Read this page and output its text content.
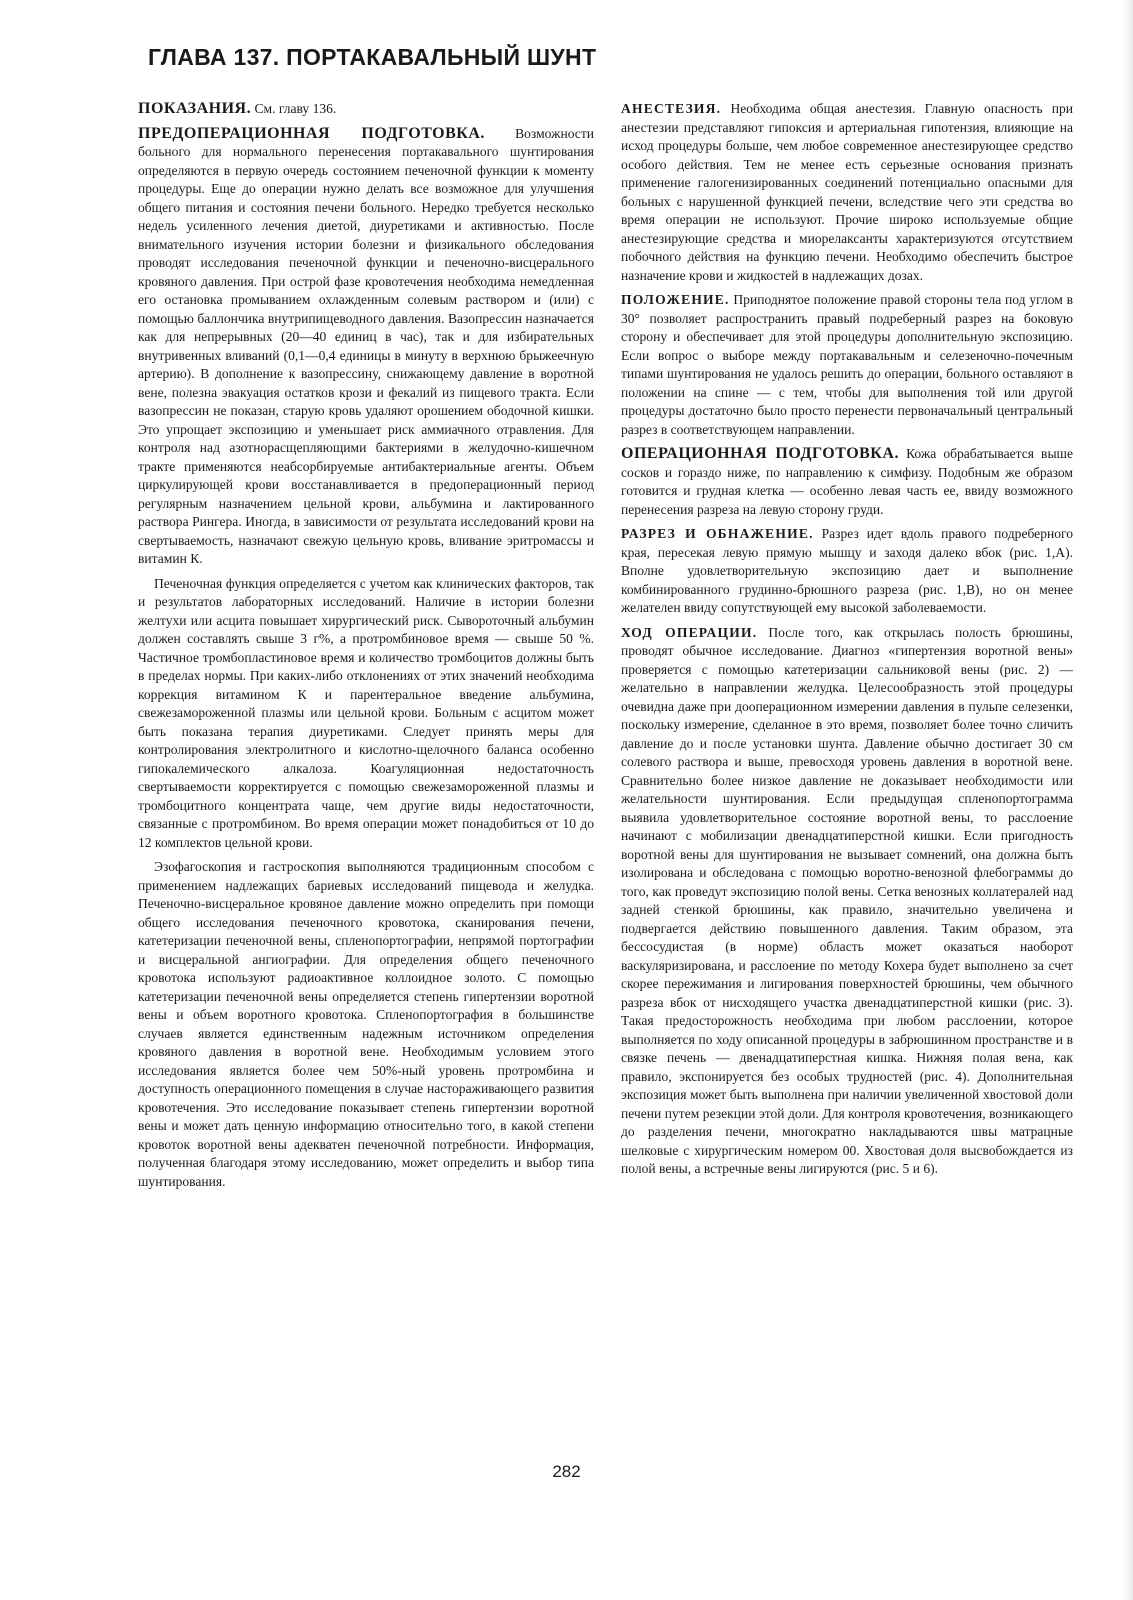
ГЛАВА 137. ПОРТАКАВАЛЬНЫЙ ШУНТ

ПОКАЗАНИЯ. См. главу 136.

ПРЕДОПЕРАЦИОННАЯ ПОДГОТОВКА. Возможности больного для нормального перенесения портакавального шунтирования определяются в первую очередь состоянием печеночной функции к моменту процедуры. Еще до операции нужно делать все возможное для улучшения общего питания и состояния печени больного. Нередко требуется несколько недель усиленного лечения диетой, диуретиками и активностью. После внимательного изучения истории болезни и физикального обследования проводят исследования печеночной функции и печеночно-висцерального кровяного давления. При острой фазе кровотечения необходима немедленная его остановка промыванием охлажденным солевым раствором и (или) с помощью баллончика внутрипищеводного давления. Вазопрессин назначается как для непрерывных (20—40 единиц в час), так и для избирательных внутривенных вливаний (0,1—0,4 единицы в минуту в верхнюю брыжеечную артерию). В дополнение к вазопрессину, снижающему давление в воротной вене, полезна эвакуация остатков крози и фекалий из пищевого тракта. Если вазопрессин не показан, старую кровь удаляют орошением ободочной кишки. Это упрощает экспозицию и уменьшает риск аммиачного отравления. Для контроля над азотнорасщепляющими бактериями в желудочно-кишечном тракте применяются неабсорбируемые антибактериальные агенты. Объем циркулирующей крови восстанавливается в предоперационный период регулярным назначением цельной крови, альбумина и лактированного раствора Рингера. Иногда, в зависимости от результата исследований крови на свертываемость, назначают свежую цельную кровь, вливание эритромассы и витамин К.

Печеночная функция определяется с учетом как клинических факторов, так и результатов лабораторных исследований. Наличие в истории болезни желтухи или асцита повышает хирургический риск. Сывороточный альбумин должен составлять свыше 3 г%, а протромбиновое время — свыше 50 %. Частичное тромбопластиновое время и количество тромбоцитов должны быть в пределах нормы. При каких-либо отклонениях от этих значений необходима коррекция витамином К и парентеральное введение альбумина, свежезамороженной плазмы или цельной крови. Больным с асцитом может быть показана терапия диуретиками. Следует принять меры для контролирования электролитного и кислотно-щелочного баланса особенно гипокалемического алкалоза. Коагуляционная недостаточность свертываемости корректируется с помощью свежезамороженной плазмы и тромбоцитного концентрата чаще, чем другие виды недостаточности, связанные с протромбином. Во время операции может понадобиться от 10 до 12 комплектов цельной крови.

Эзофагоскопия и гастроскопия выполняются традиционным способом с применением надлежащих бариевых исследований пищевода и желудка. Печеночно-висцеральное кровяное давление можно определить при помощи общего исследования печеночного кровотока, сканирования печени, катетеризации печеночной вены, спленопортографии, непрямой портографии и висцеральной ангиографии. Для определения общего печеночного кровотока используют радиоактивное коллоидное золото. С помощью катетеризации печеночной вены определяется степень гипертензии воротной вены и объем воротного кровотока. Спленопортография в большинстве случаев является единственным надежным источником определения кровяного давления в воротной вене. Необходимым условием этого исследования является более чем 50%-ный уровень протромбина и доступность операционного помещения в случае настораживающего развития кровотечения. Это исследование показывает степень гипертензии воротной вены и может дать ценную информацию относительно того, в какой степени кровоток воротной вены адекватен печеночной потребности. Информация, полученная благодаря этому исследованию, может определить и выбор типа шунтирования.

АНЕСТЕЗИЯ. Необходима общая анестезия. Главную опасность при анестезии представляют гипоксия и артериальная гипотензия, влияющие на исход процедуры больше, чем любое современное анестезирующее средство особого действия. Тем не менее есть серьезные основания признать применение галогенизированных соединений потенциально опасными для больных с нарушенной функцией печени, вследствие чего эти средства во время операции не используют. Прочие широко используемые общие анестезирующие средства и миорелаксанты характеризуются отсутствием побочного действия на функцию печени. Необходимо обеспечить быстрое назначение крови и жидкостей в надлежащих дозах.

ПОЛОЖЕНИЕ. Приподнятое положение правой стороны тела под углом в 30° позволяет распространить правый подреберный разрез на боковую сторону и обеспечивает для этой процедуры дополнительную экспозицию. Если вопрос о выборе между портакавальным и селезеночно-почечным типами шунтирования не удалось решить до операции, больного оставляют в положении на спине — с тем, чтобы для выполнения той или другой процедуры достаточно было просто перенести первоначальный центральный разрез в соответствующем направлении.

ОПЕРАЦИОННАЯ ПОДГОТОВКА. Кожа обрабатывается выше сосков и гораздо ниже, по направлению к симфизу. Подобным же образом готовится и грудная клетка — особенно левая часть ее, ввиду возможного перенесения разреза на левую сторону груди.

РАЗРЕЗ И ОБНАЖЕНИЕ. Разрез идет вдоль правого подреберного края, пересекая левую прямую мышцу и заходя далеко вбок (рис. 1,А). Вполне удовлетворительную экспозицию дает и выполнение комбинированного грудинно-брюшного разреза (рис. 1,В), но он менее желателен ввиду сопутствующей ему высокой заболеваемости.

ХОД ОПЕРАЦИИ. После того, как открылась полость брюшины, проводят обычное исследование. Диагноз «гипертензия воротной вены» проверяется с помощью катетеризации сальниковой вены (рис. 2) — желательно в направлении желудка. Целесообразность этой процедуры очевидна даже при дооперационном измерении давления в пульпе селезенки, поскольку измерение, сделанное в это время, позволяет более точно сличить давление до и после установки шунта. Давление обычно достигает 30 см солевого раствора и выше, превосходя уровень давления в воротной вене. Сравнительно более низкое давление не доказывает необходимости или желательности шунтирования. Если предыдущая спленопортограмма выявила удовлетворительное состояние воротной вены, то расслоение начинают с мобилизации двенадцатиперстной кишки. Если пригодность воротной вены для шунтирования не вызывает сомнений, она должна быть изолирована и обследована с помощью воротно-венозной флебограммы до того, как проведут экспозицию полой вены. Сетка венозных коллатералей над задней стенкой брюшины, как правило, значительно увеличена и подвергается действию повышенного давления. Таким образом, эта бессосудистая (в норме) область может оказаться наоборот васкуляризирована, и расслоение по методу Кохера будет выполнено за счет скорее пережимания и лигирования поверхностей брюшины, чем обычного разреза вбок от нисходящего участка двенадцатиперстной кишки (рис. 3). Такая предосторожность необходима при любом расслоении, которое выполняется по ходу описанной процедуры в забрюшинном пространстве и в связке печень — двенадцатиперстная кишка. Нижняя полая вена, как правило, экспонируется без особых трудностей (рис. 4). Дополнительная экспозиция может быть выполнена при наличии увеличенной хвостовой доли печени путем резекции этой доли. Для контроля кровотечения, возникающего до разделения печени, многократно накладываются швы матрацные шелковые с хирургическим номером 00. Хвостовая доля высвобождается из полой вены, а встречные вены лигируются (рис. 5 и 6).

282
